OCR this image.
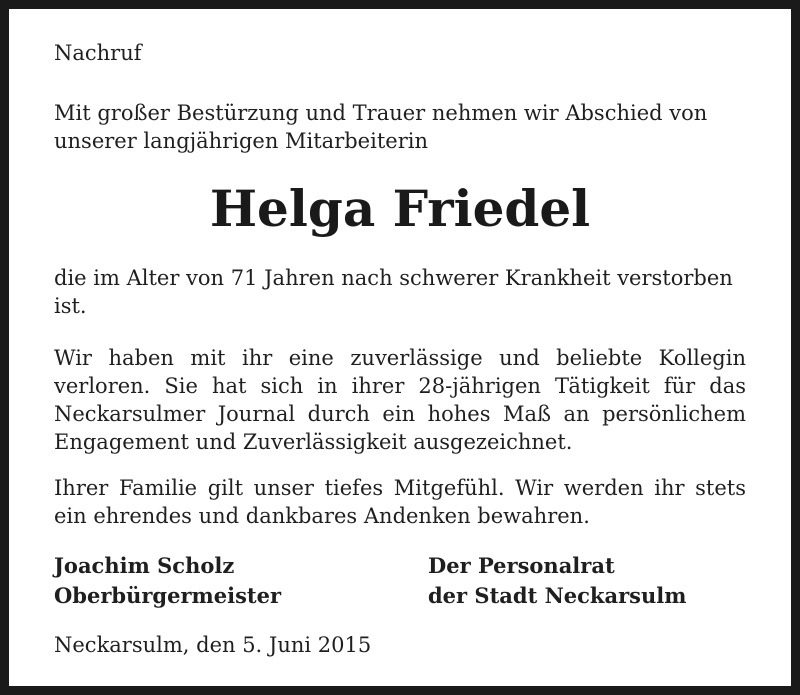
Nachruf

Mit großer Bestürzung und Trauer nehmen wir Abschied von unserer langjährigen Mitarbeiterin

Helga Friedel

die im Alter von 71 Jahren nach schwerer Krankheit verstorben ist.

Wir haben mit ihr eine zuverlässige und beliebte Kollegin verloren. Sie hat sich in ihrer 28-jährigen Tätigkeit für das Neckarsulmer Journal durch ein hohes Maß an persönlichem Engagement und Zuverlässigkeit ausgezeichnet.

Ihrer Familie gilt unser tiefes Mitgefühl. Wir werden ihr stets ein ehrendes und dankbares Andenken bewahren.

Joachim Scholz
Oberbürgermeister
Der Personalrat
der Stadt Neckarsulm

Neckarsulm, den 5. Juni 2015
